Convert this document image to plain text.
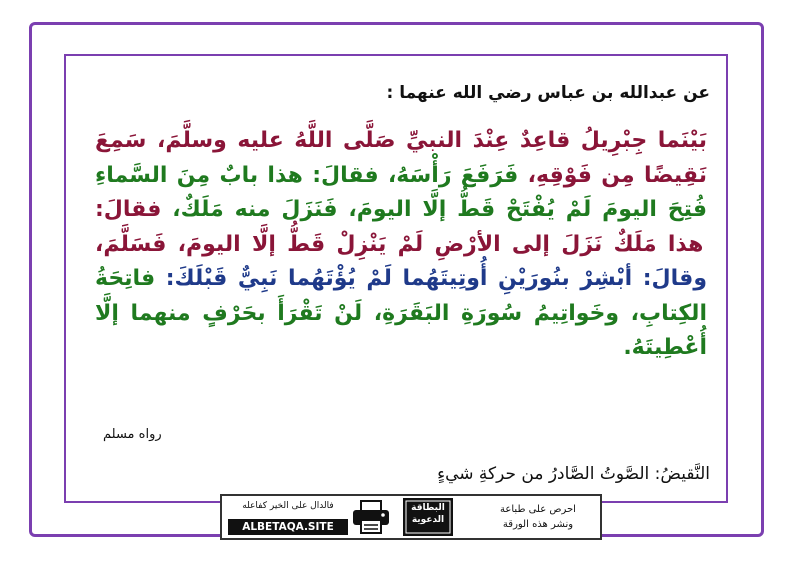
عن عبدالله بن عباس رضي الله عنهما :
بَيْنَما جِبْرِيلُ قاعِدٌ عِنْدَ النبيِّ صَلَّى اللَّهُ عليه وسلَّمَ، سَمِعَ نَقِيضًا مِن فَوْقِهِ، فَرَفَعَ رَأْسَهُ، فقالَ: هذا بابٌ مِنَ السَّماءِ فُتِحَ اليومَ لَمْ يُفْتَحْ قَطُّ إلَّا اليومَ، فَنَزَلَ منه مَلَكٌ، فقالَ: هذا مَلَكٌ نَزَلَ إلى الأرْضِ لَمْ يَنْزِلْ قَطُّ إلَّا اليومَ، فَسَلَّمَ، وقالَ: أبْشِرْ بنُورَيْنِ أُوتِيتَهُما لَمْ يُؤْتَهُما نَبِيٌّ قَبْلَكَ: فاتِحَةُ الكِتابِ، وخَواتِيمُ سُورَةِ البَقَرَةِ، لَنْ تَقْرَأَ بحَرْفٍ منهما إلَّا أُعْطِيتَهُ.
رواه مسلم
النَّقيضُ: الصَّوتُ الصَّادرُ من حركةِ شيءٍ
فالدال على الخير كفاعله
ALBETAQA.SITE
البطاقة الدعوية
احرص على طباعة
ونشر هذه الورقة
